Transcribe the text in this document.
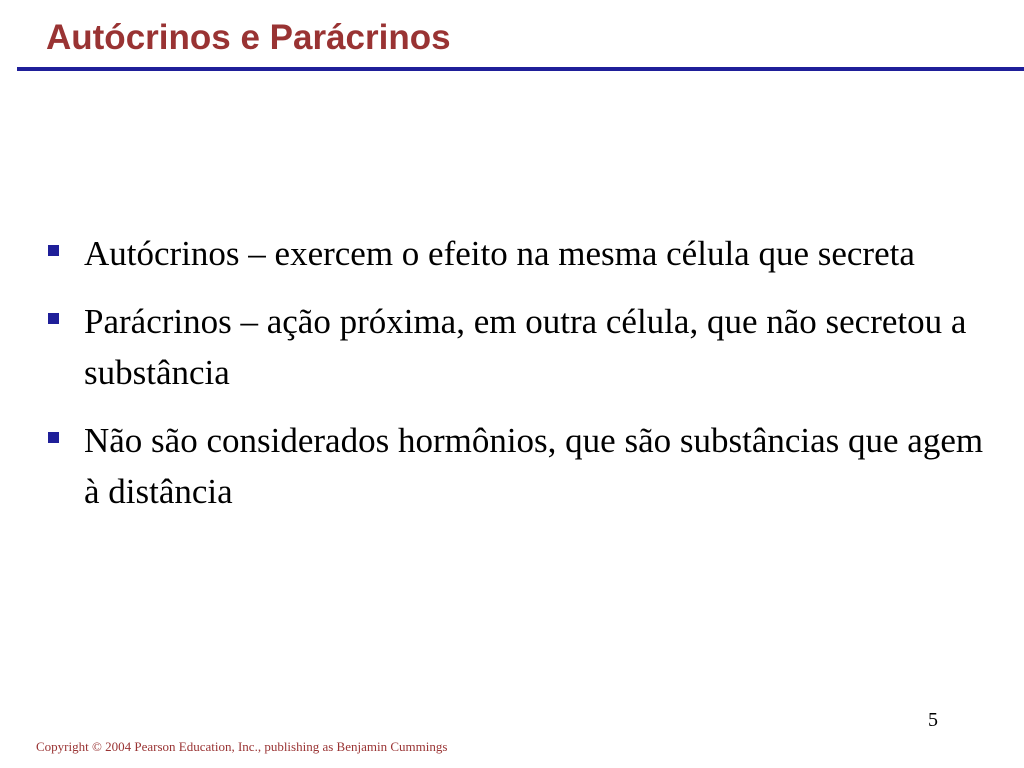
Autócrinos e Parácrinos
Autócrinos – exercem o efeito na mesma célula que secreta
Parácrinos – ação próxima, em outra célula, que não secretou a substância
Não são considerados hormônios, que são substâncias que agem à distância
5
Copyright © 2004 Pearson Education, Inc., publishing as Benjamin Cummings
